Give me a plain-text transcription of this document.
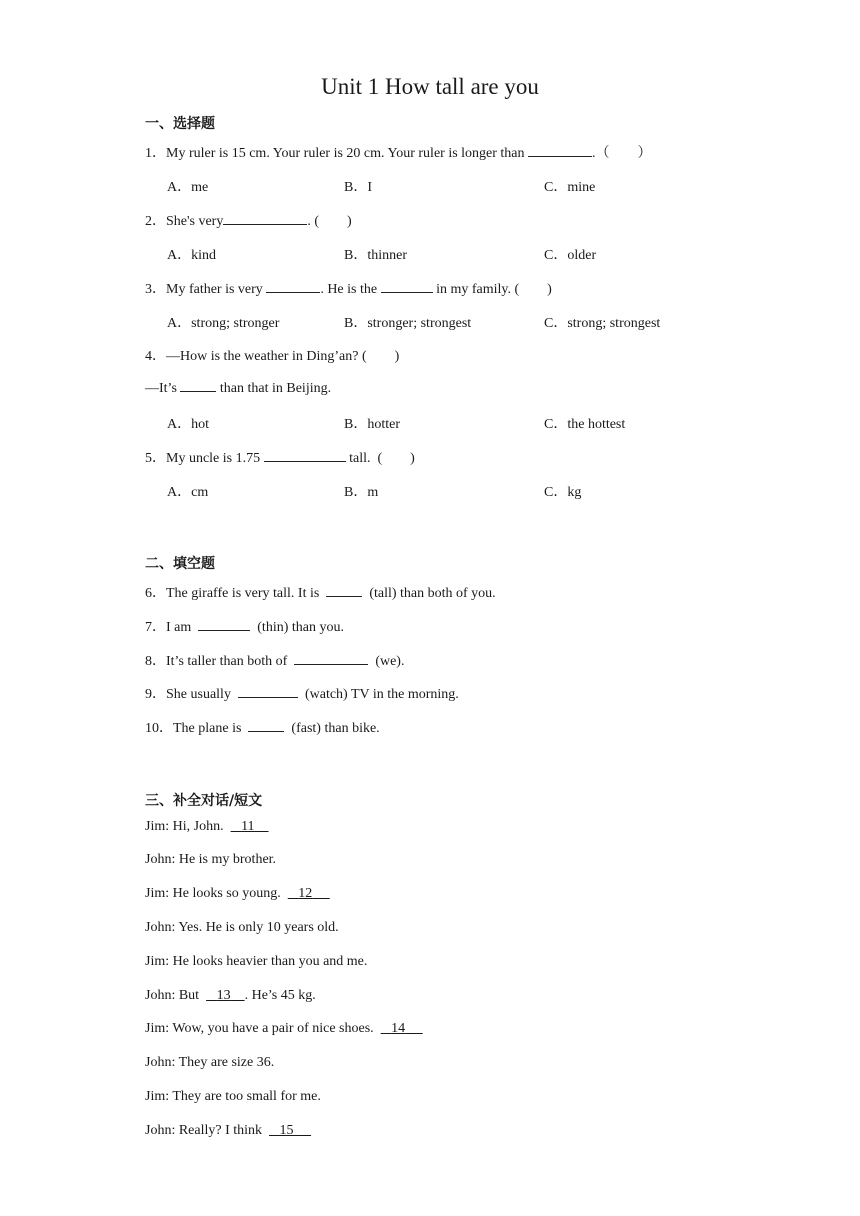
Unit 1 How tall are you
一、选择题
1．My ruler is 15 cm. Your ruler is 20 cm. Your ruler is longer than	.（　　）
A．me	B．I	C．mine
2．She's very	. (　　)
A．kind	B．thinner	C．older
3．My father is very	. He is the	in my family. (　　)
A．strong; stronger	B．stronger; strongest	C．strong; strongest
4．—How is the weather in Ding’an? (　　)
—It’s	than that in Beijing.
A．hot	B．hotter	C．the hottest
5．My uncle is 1.75	tall.  (　　)
A．cm	B．m	C．kg
二、填空题
6．The giraffe is very tall. It is	(tall) than both of you.
7．I am	(thin) than you.
8．It’s taller than both of	(we).
9．She usually	(watch) TV in the morning.
10．The plane is	(fast) than bike.
三、补全对话/短文
Jim: Hi, John. 11
John: He is my brother.
Jim: He looks so young. 12
John: Yes. He is only 10 years old.
Jim: He looks heavier than you and me.
John: But 13 . He’s 45 kg.
Jim: Wow, you have a pair of nice shoes. 14
John: They are size 36.
Jim: They are too small for me.
John: Really? I think 15
